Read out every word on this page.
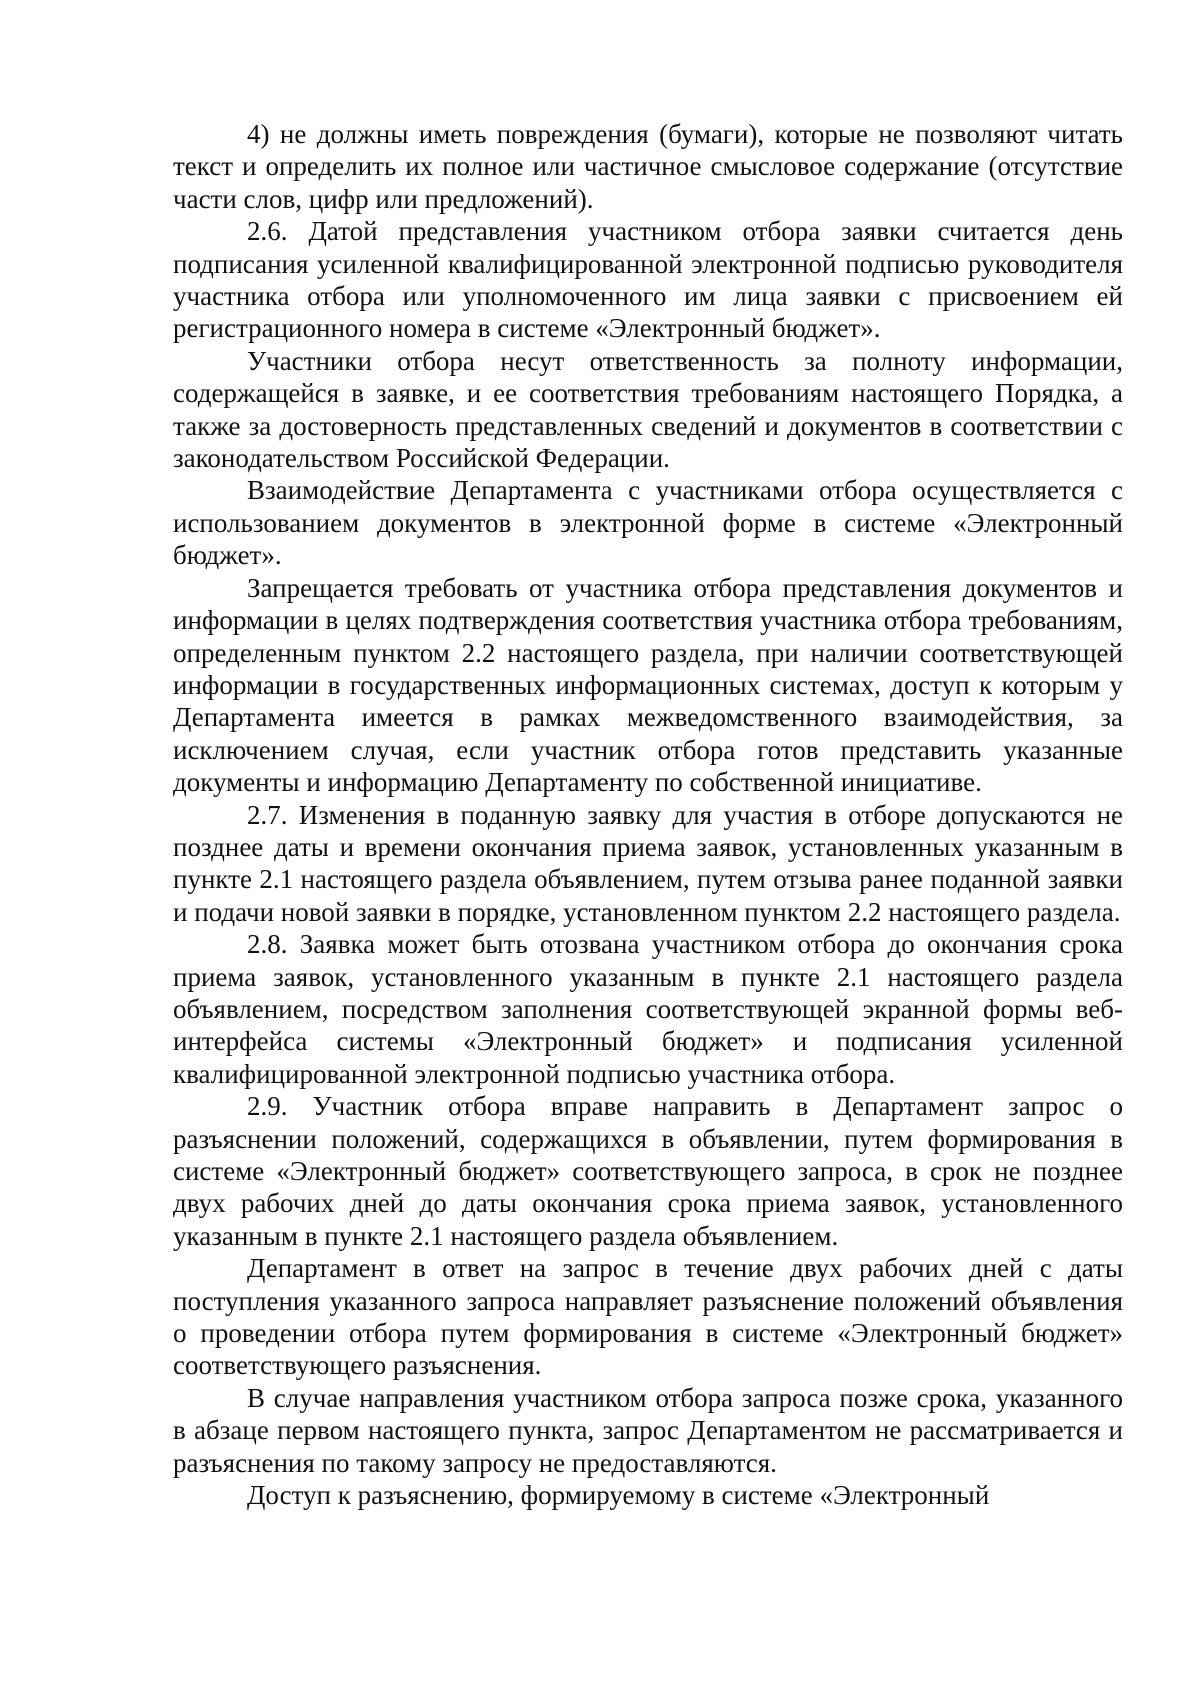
4) не должны иметь повреждения (бумаги), которые не позволяют читать текст и определить их полное или частичное смысловое содержание (отсутствие части слов, цифр или предложений).

2.6. Датой представления участником отбора заявки считается день подписания усиленной квалифицированной электронной подписью руководителя участника отбора или уполномоченного им лица заявки с присвоением ей регистрационного номера в системе «Электронный бюджет».

Участники отбора несут ответственность за полноту информации, содержащейся в заявке, и ее соответствия требованиям настоящего Порядка, а также за достоверность представленных сведений и документов в соответствии с законодательством Российской Федерации.

Взаимодействие Департамента с участниками отбора осуществляется с использованием документов в электронной форме в системе «Электронный бюджет».

Запрещается требовать от участника отбора представления документов и информации в целях подтверждения соответствия участника отбора требованиям, определенным пунктом 2.2 настоящего раздела, при наличии соответствующей информации в государственных информационных системах, доступ к которым у Департамента имеется в рамках межведомственного взаимодействия, за исключением случая, если участник отбора готов представить указанные документы и информацию Департаменту по собственной инициативе.

2.7. Изменения в поданную заявку для участия в отборе допускаются не позднее даты и времени окончания приема заявок, установленных указанным в пункте 2.1 настоящего раздела объявлением, путем отзыва ранее поданной заявки и подачи новой заявки в порядке, установленном пунктом 2.2 настоящего раздела.

2.8. Заявка может быть отозвана участником отбора до окончания срока приема заявок, установленного указанным в пункте 2.1 настоящего раздела объявлением, посредством заполнения соответствующей экранной формы веб-интерфейса системы «Электронный бюджет» и подписания усиленной квалифицированной электронной подписью участника отбора.

2.9. Участник отбора вправе направить в Департамент запрос о разъяснении положений, содержащихся в объявлении, путем формирования в системе «Электронный бюджет» соответствующего запроса, в срок не позднее двух рабочих дней до даты окончания срока приема заявок, установленного указанным в пункте 2.1 настоящего раздела объявлением.

Департамент в ответ на запрос в течение двух рабочих дней с даты поступления указанного запроса направляет разъяснение положений объявления о проведении отбора путем формирования в системе «Электронный бюджет» соответствующего разъяснения.

В случае направления участником отбора запроса позже срока, указанного в абзаце первом настоящего пункта, запрос Департаментом не рассматривается и разъяснения по такому запросу не предоставляются.

Доступ к разъяснению, формируемому в системе «Электронный
